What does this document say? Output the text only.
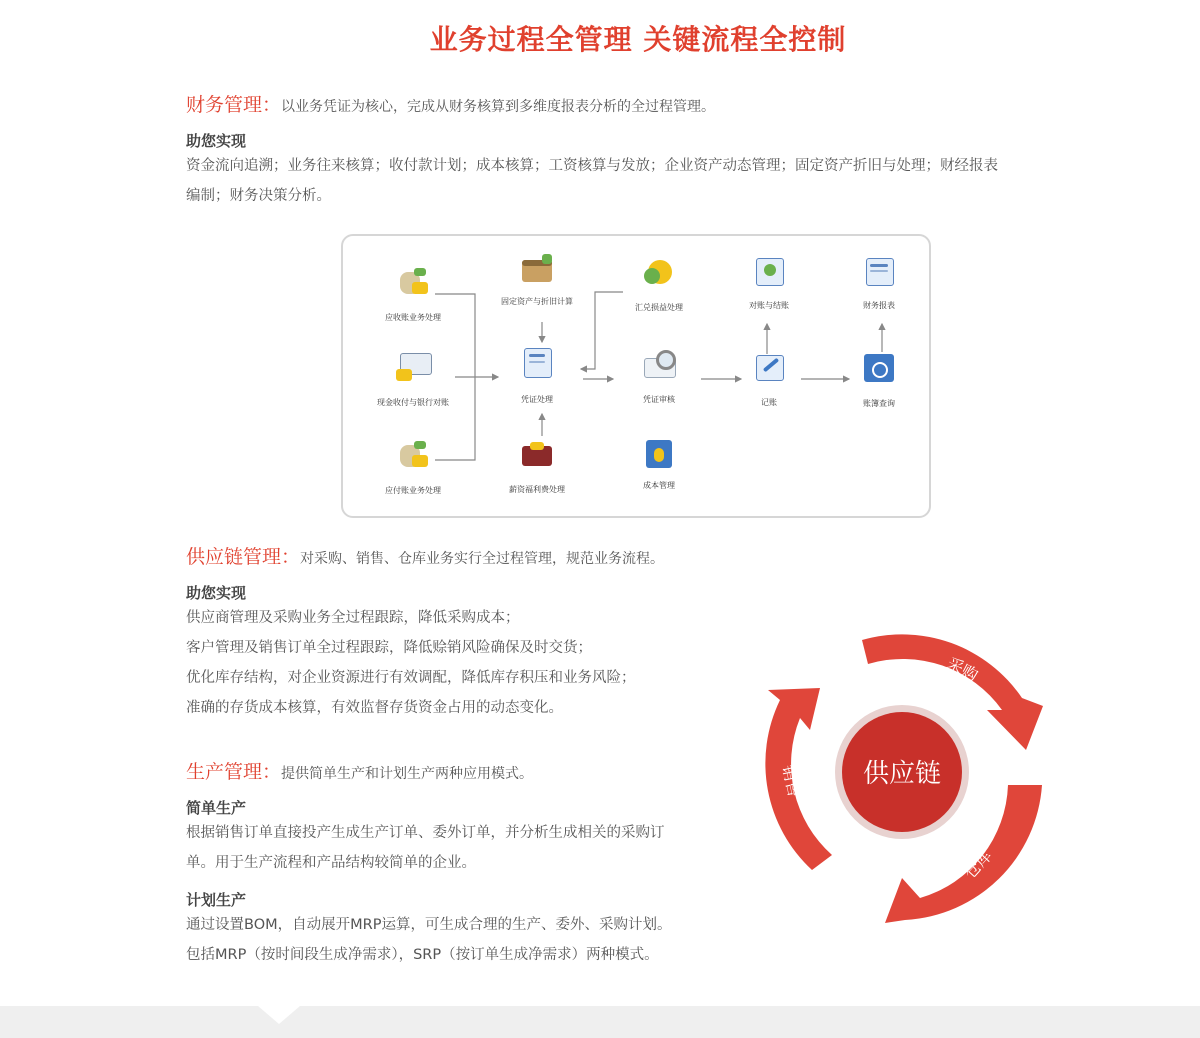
业务过程全管理 关键流程全控制
财务管理：以业务凭证为核心，完成从财务核算到多维度报表分析的全过程管理。
助您实现
资金流向追溯；业务往来核算；收付款计划；成本核算；工资核算与发放；企业资产动态管理；固定资产折旧与处理；财经报表
编制；财务决策分析。
应收账业务处理
现金收付与银行对账
应付账业务处理
固定资产与折旧计算
凭证处理
薪资福利费处理
汇兑损益处理
凭证审核
成本管理
对账与结账
记账
财务报表
账簿查询
供应链管理：对采购、销售、仓库业务实行全过程管理，规范业务流程。
助您实现
供应商管理及采购业务全过程跟踪，降低采购成本；
客户管理及销售订单全过程跟踪，降低赊销风险确保及时交货；
优化库存结构，对企业资源进行有效调配，降低库存积压和业务风险；
准确的存货成本核算，有效监督存货资金占用的动态变化。
供应链
采购
仓库
销售
生产管理：提供简单生产和计划生产两种应用模式。
简单生产
根据销售订单直接投产生成生产订单、委外订单，并分析生成相关的采购订
单。用于生产流程和产品结构较简单的企业。
计划生产
通过设置BOM，自动展开MRP运算，可生成合理的生产、委外、采购计划。
包括MRP（按时间段生成净需求），SRP（按订单生成净需求）两种模式。
